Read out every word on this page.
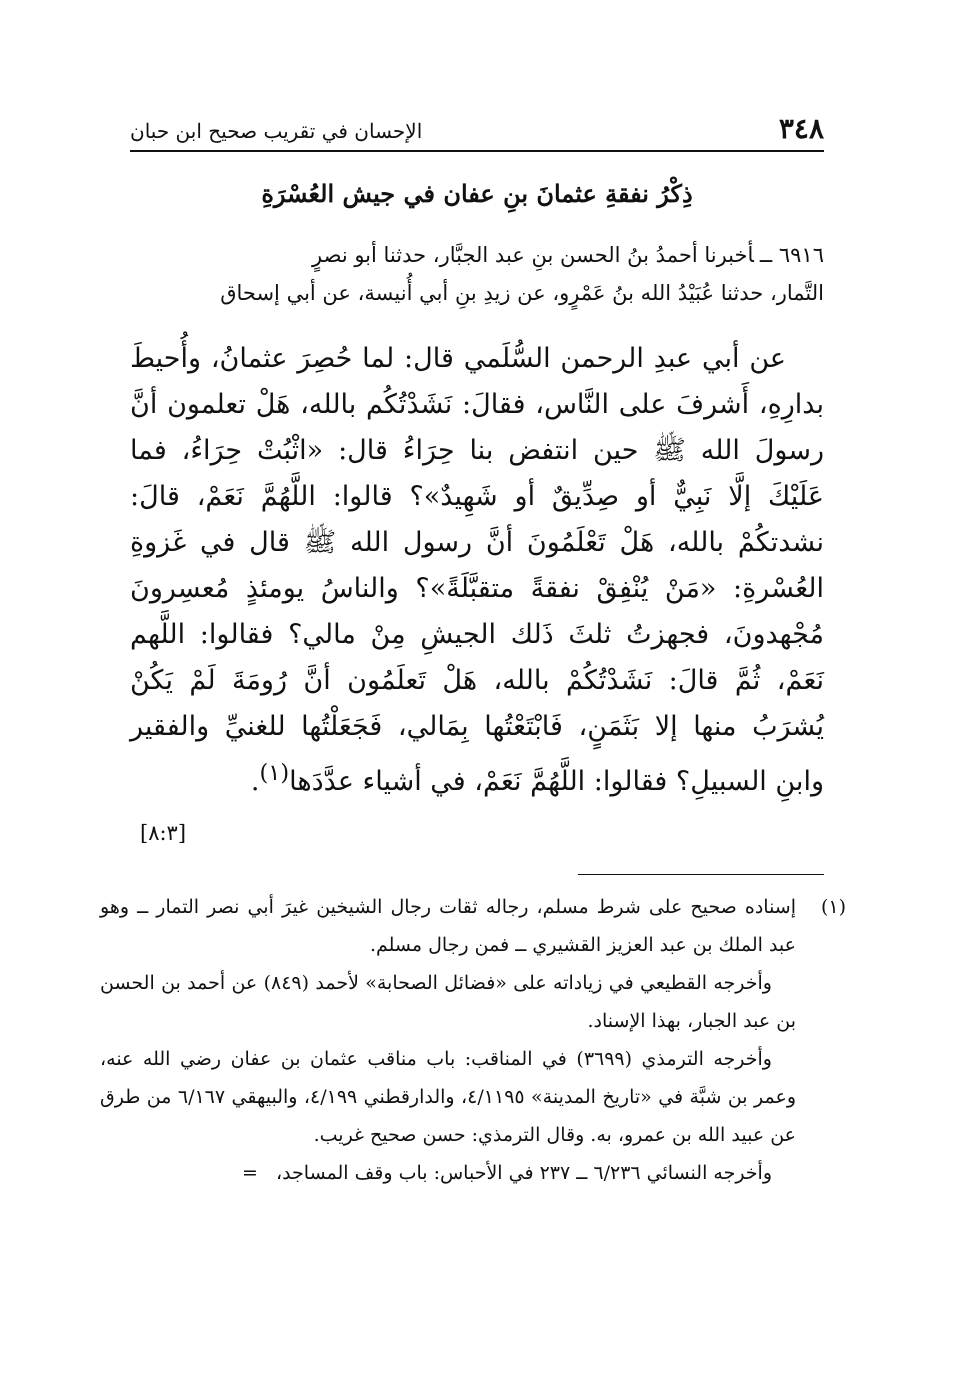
٣٤٨
الإحسان في تقريب صحيح ابن حبان
ذِكْرُ نفقةِ عثمانَ بنِ عفان في جيش العُسْرَةِ

٦٩١٦ ــأخبرنا أحمدُ بنُ الحسن بنِ عبد الجبَّار، حدثنا أبو نصرٍ

التَّمار، حدثنا عُبَيْدُ الله بنُ عَمْرٍو، عن زيدِ بنِ أبي أُنيسة، عن أبي إسحاق

عن أبي عبدِ الرحمن السُّلَمي قال: لما حُصِرَ عثمانُ، وأُحيطَ بدارِهِ، أَشرفَ على النَّاس، فقالَ: نَشَدْتُكُم بالله، هَلْ تعلمون أنَّ رسولَ الله ﷺ حين انتفض بنا حِرَاءُ قال: «اثْبُتْ حِرَاءُ، فما عَلَيْكَ إلَّا نَبِيٌّ أو صِدِّيقٌ أو شَهِيدٌ»؟ قالوا: اللَّهُمَّ نَعَمْ، قالَ: نشدتكُمْ بالله، هَلْ تَعْلَمُونَ أنَّ رسول الله ﷺ قال في غَزوةِ العُسْرةِ: «مَنْ يُنْفِقْ نفقةً متقبَّلَةً»؟ والناسُ يومئذٍ مُعسِرونَ مُجْهدونَ، فجهزتُ ثلثَ ذَلك الجيشِ مِنْ مالي؟ فقالوا: اللَّهم نَعَمْ، ثُمَّ قالَ: نَشَدْتُكُمْ بالله، هَلْ تَعلَمُون أنَّ رُومَةَ لَمْ يَكُنْ يُشرَبُ منها إلا بَثَمَنٍ، فَابْتَعْتُها بِمَالي، فَجَعَلْتُها للغنيِّ والفقير وابنِ السبيلِ؟ فقالوا: اللَّهُمَّ نَعَمْ، في أشياء عدَّدَها$^{(١)}$.

[٨:٣]
(١)

إسناده صحيح على شرط مسلم، رجاله ثقات رجال الشيخين غيرَ أبي نصر التمار ــ وهو عبد الملك بن عبد العزيز القشيري ــ فمن رجال مسلم.

وأخرجه القطيعي في زياداته على «فضائل الصحابة» لأحمد (٨٤٩) عن أحمد بن الحسن بن عبد الجبار، بهذا الإسناد.

وأخرجه الترمذي (٣٦٩٩) في المناقب: باب مناقب عثمان بن عفان رضي الله عنه، وعمر بن شبَّة في «تاريخ المدينة» ٤/١١٩٥، والدارقطني ٤/١٩٩، والبيهقي ٦/١٦٧ من طرق عن عبيد الله بن عمرو، به. وقال الترمذي: حسن صحيح غريب.

وأخرجه النسائي ٦/٢٣٦ ــ ٢٣٧ في الأحباس: باب وقف المساجد،=
